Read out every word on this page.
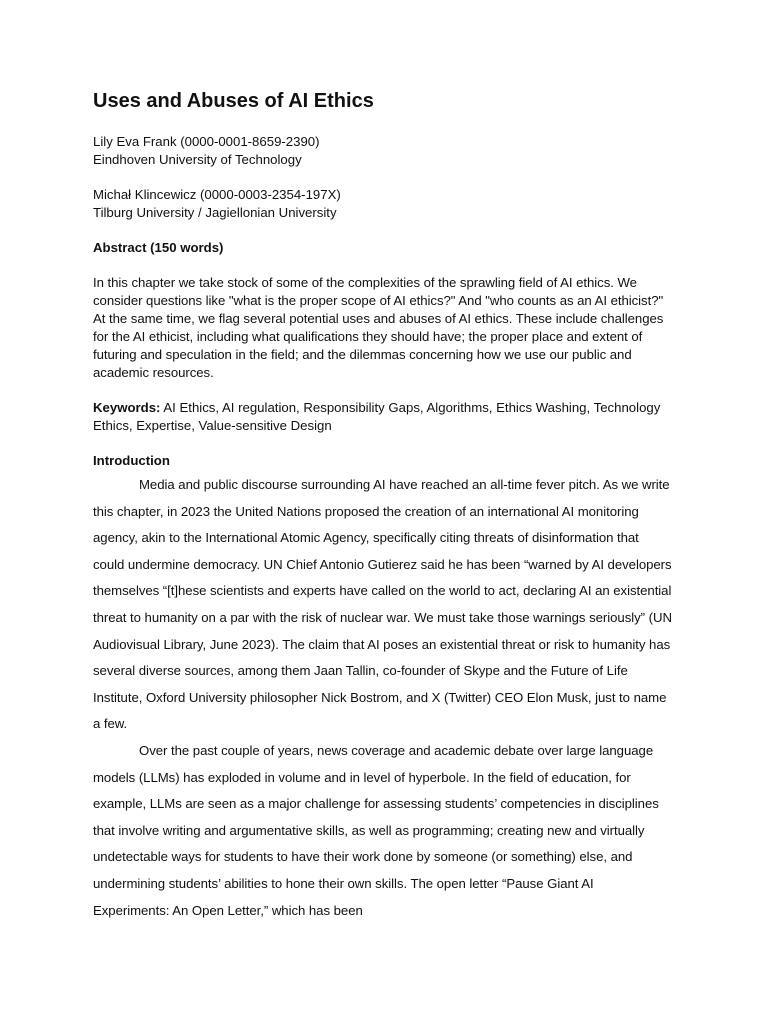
Uses and Abuses of AI Ethics
Lily Eva Frank (0000-0001-8659-2390)
Eindhoven University of Technology
Michał Klincewicz (0000-0003-2354-197X)
Tilburg University / Jagiellonian University
Abstract (150 words)

In this chapter we take stock of some of the complexities of the sprawling field of AI ethics. We consider questions like "what is the proper scope of AI ethics?" And "who counts as an AI ethicist?" At the same time, we flag several potential uses and abuses of AI ethics. These include challenges for the AI ethicist, including what qualifications they should have; the proper place and extent of futuring and speculation in the field; and the dilemmas concerning how we use our public and academic resources.

Keywords: AI Ethics, AI regulation, Responsibility Gaps, Algorithms, Ethics Washing, Technology Ethics, Expertise, Value-sensitive Design

Introduction

Media and public discourse surrounding AI have reached an all-time fever pitch. As we write this chapter, in 2023 the United Nations proposed the creation of an international AI monitoring agency, akin to the International Atomic Agency, specifically citing threats of disinformation that could undermine democracy. UN Chief Antonio Gutierez said he has been “warned by AI developers themselves “[t]hese scientists and experts have called on the world to act, declaring AI an existential threat to humanity on a par with the risk of nuclear war. We must take those warnings seriously” (UN Audiovisual Library, June 2023). The claim that AI poses an existential threat or risk to humanity has several diverse sources, among them Jaan Tallin, co-founder of Skype and the Future of Life Institute, Oxford University philosopher Nick Bostrom, and X (Twitter) CEO Elon Musk, just to name a few.

Over the past couple of years, news coverage and academic debate over large language models (LLMs) has exploded in volume and in level of hyperbole. In the field of education, for example, LLMs are seen as a major challenge for assessing students’ competencies in disciplines that involve writing and argumentative skills, as well as programming; creating new and virtually undetectable ways for students to have their work done by someone (or something) else, and undermining students’ abilities to hone their own skills. The open letter “Pause Giant AI Experiments: An Open Letter,” which has been
